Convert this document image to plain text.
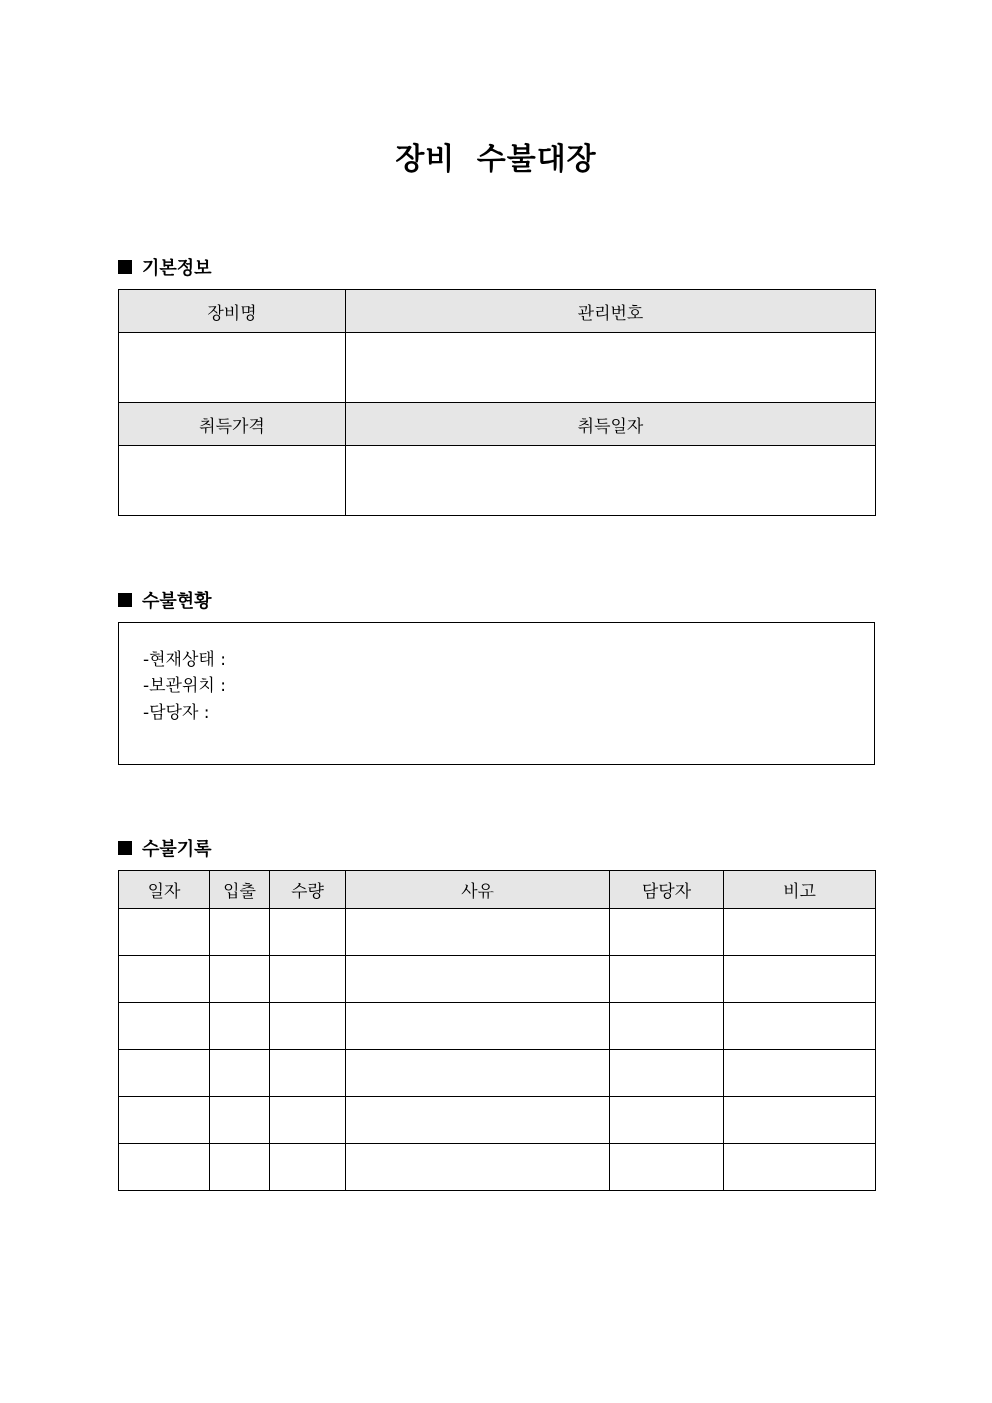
장비 수불대장
기본정보
장비명	관리번호

취득가격	취득일자

수불현황
-현재상태 :
-보관위치 :
-담당자 :
수불기록
일자	입출	수량	사유	담당자	비고
